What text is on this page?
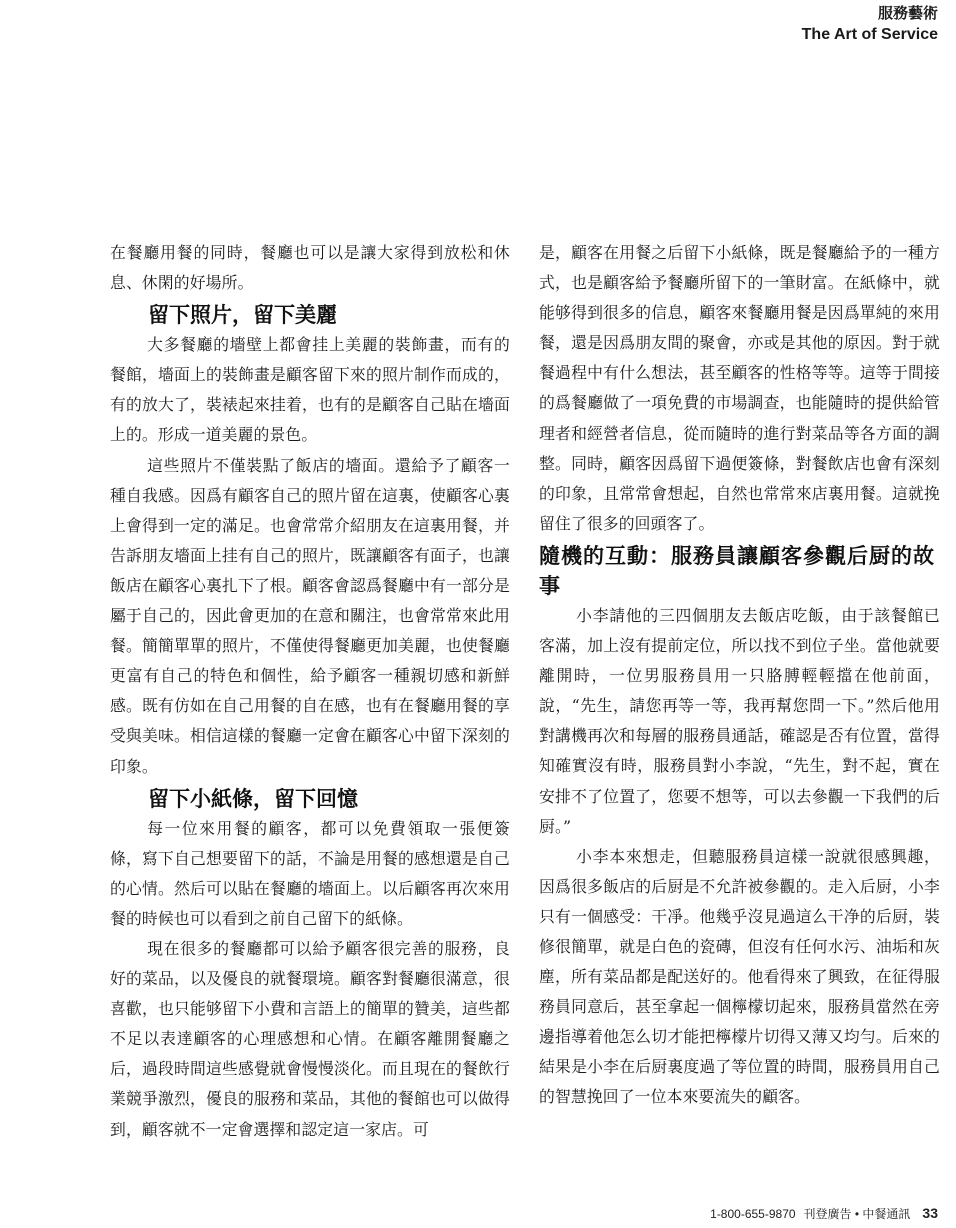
服務藝術
The Art of Service

在餐廳用餐的同時，餐廳也可以是讓大家得到放松和休息、休閑的好場所。

留下照片，留下美麗

大多餐廳的墻壁上都會挂上美麗的裝飾畫，而有的餐館，墻面上的裝飾畫是顧客留下來的照片制作而成的，有的放大了，裝裱起來挂着，也有的是顧客自己貼在墻面上的。形成一道美麗的景色。

這些照片不僅裝點了飯店的墻面。還給予了顧客一種自我感。因爲有顧客自己的照片留在這裏，使顧客心裏上會得到一定的滿足。也會常常介紹朋友在這裏用餐，并告訴朋友墻面上挂有自己的照片，既讓顧客有面子，也讓飯店在顧客心裏扎下了根。顧客會認爲餐廳中有一部分是屬于自己的，因此會更加的在意和關注，也會常常來此用餐。簡簡單單的照片，不僅使得餐廳更加美麗，也使餐廳更富有自己的特色和個性，給予顧客一種親切感和新鮮感。既有仿如在自己用餐的自在感，也有在餐廳用餐的享受與美味。相信這樣的餐廳一定會在顧客心中留下深刻的印象。

留下小紙條，留下回憶

每一位來用餐的顧客，都可以免費領取一張便簽條，寫下自己想要留下的話，不論是用餐的感想還是自己的心情。然后可以貼在餐廳的墻面上。以后顧客再次來用餐的時候也可以看到之前自己留下的紙條。

現在很多的餐廳都可以給予顧客很完善的服務，良好的菜品，以及優良的就餐環境。顧客對餐廳很滿意，很喜歡，也只能够留下小費和言語上的簡單的贊美，這些都不足以表達顧客的心理感想和心情。在顧客離開餐廳之后，過段時間這些感覺就會慢慢淡化。而且現在的餐飲行業競爭激烈，優良的服務和菜品，其他的餐館也可以做得到，顧客就不一定會選擇和認定這一家店。可

是，顧客在用餐之后留下小紙條，既是餐廳給予的一種方式，也是顧客給予餐廳所留下的一筆財富。在紙條中，就能够得到很多的信息，顧客來餐廳用餐是因爲單純的來用餐，還是因爲朋友間的聚會，亦或是其他的原因。對于就餐過程中有什么想法，甚至顧客的性格等等。這等于間接的爲餐廳做了一項免費的市場調查，也能隨時的提供給管理者和經營者信息，從而隨時的進行對菜品等各方面的調整。同時，顧客因爲留下過便簽條，對餐飲店也會有深刻的印象，且常常會想起，自然也常常來店裏用餐。這就挽留住了很多的回頭客了。

隨機的互動：服務員讓顧客參觀后厨的故事

小李請他的三四個朋友去飯店吃飯，由于該餐館已客滿，加上沒有提前定位，所以找不到位子坐。當他就要離開時，一位男服務員用一只胳膊輕輕擋在他前面，說，“先生，請您再等一等，我再幫您問一下。”然后他用對講機再次和每層的服務員通話，確認是否有位置，當得知確實沒有時，服務員對小李說，“先生，對不起，實在安排不了位置了，您要不想等，可以去參觀一下我們的后厨。”

小李本來想走，但聽服務員這樣一說就很感興趣，因爲很多飯店的后厨是不允許被參觀的。走入后厨，小李只有一個感受：干凈。他幾乎沒見過這么干净的后厨，裝修很簡單，就是白色的瓷磚，但沒有任何水污、油垢和灰塵，所有菜品都是配送好的。他看得來了興致，在征得服務員同意后，甚至拿起一個檸檬切起來，服務員當然在旁邊指導着他怎么切才能把檸檬片切得又薄又均勻。后來的結果是小李在后厨裏度過了等位置的時間，服務員用自己的智慧挽回了一位本來要流失的顧客。

1-800-655-9870 刊登廣告 • 中餐通訊 33
